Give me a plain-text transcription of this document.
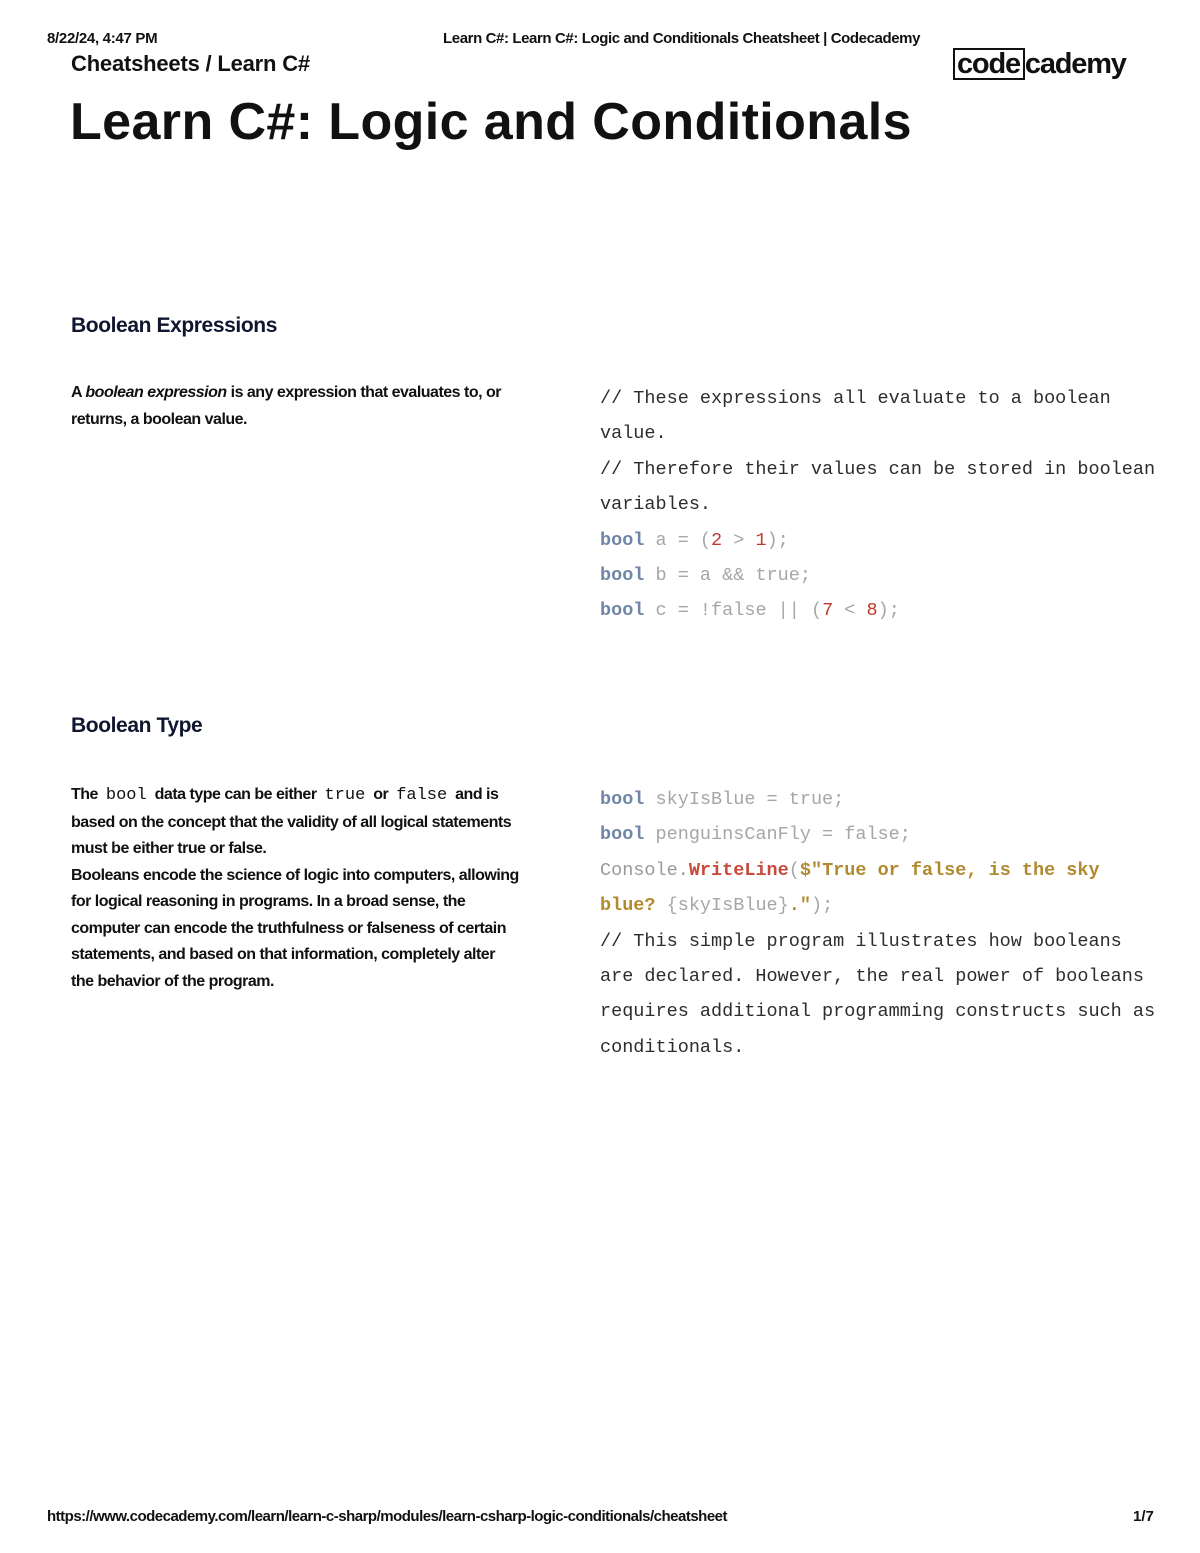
8/22/24, 4:47 PM	Learn C#: Learn C#: Logic and Conditionals Cheatsheet | Codecademy
Cheatsheets / Learn C#	code cademy
Learn C#: Logic and Conditionals
Boolean Expressions

A boolean expression is any expression that evaluates to, or returns, a boolean value.

// These expressions all evaluate to a boolean value.
// Therefore their values can be stored in boolean variables.
bool a = (2 > 1);
bool b = a && true;
bool c = !false || (7 < 8);
Boolean Type
The bool data type can be either true or false and is based on the concept that the validity of all logical statements must be either true or false.
Booleans encode the science of logic into computers, allowing for logical reasoning in programs. In a broad sense, the computer can encode the truthfulness or falseness of certain statements, and based on that information, completely alter the behavior of the program.
bool skyIsBlue = true;
bool penguinsCanFly = false;
Console.WriteLine($"True or false, is the sky blue? {skyIsBlue}.");
// This simple program illustrates how booleans are declared. However, the real power of booleans requires additional programming constructs such as conditionals.
https://www.codecademy.com/learn/learn-c-sharp/modules/learn-csharp-logic-conditionals/cheatsheet	1/7
